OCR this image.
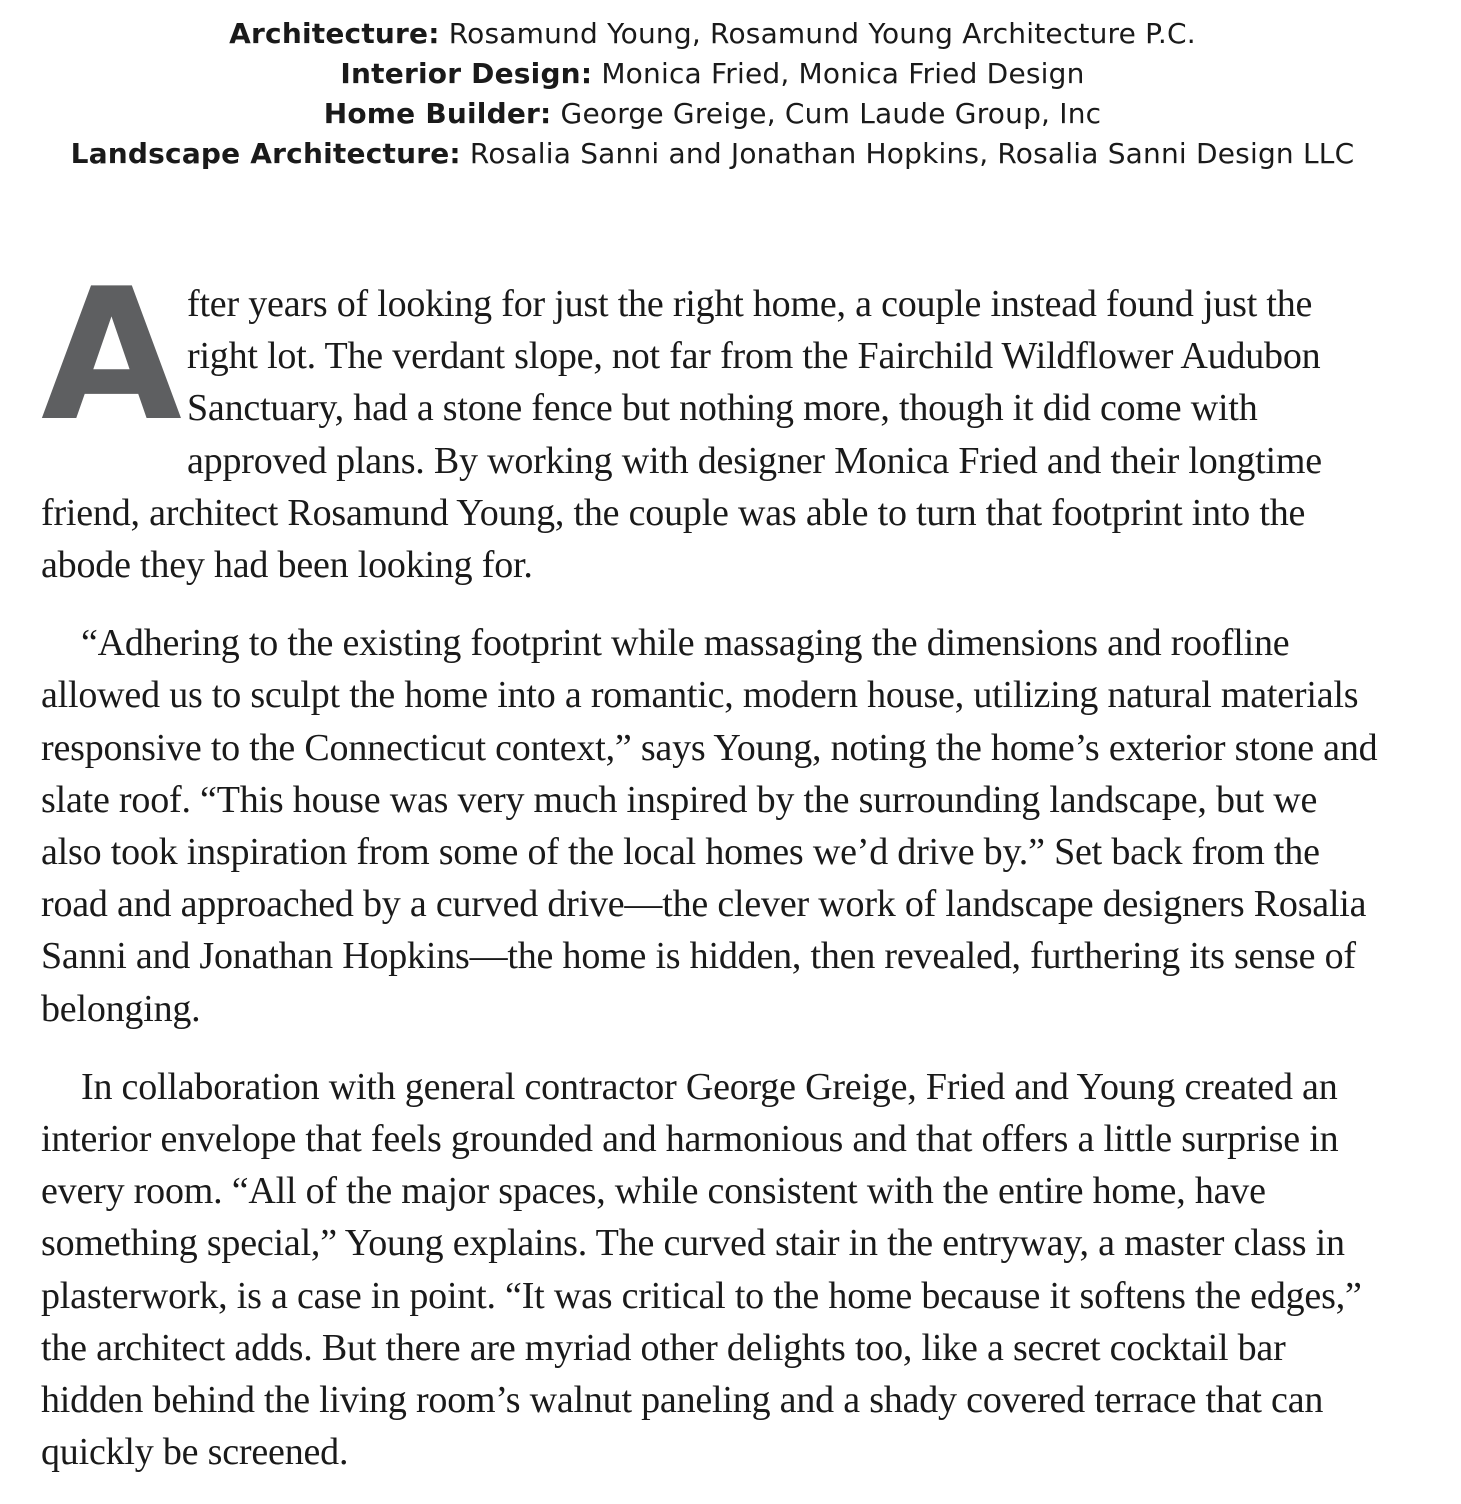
Architecture: Rosamund Young, Rosamund Young Architecture P.C.
Interior Design: Monica Fried, Monica Fried Design
Home Builder: George Greige, Cum Laude Group, Inc
Landscape Architecture: Rosalia Sanni and Jonathan Hopkins, Rosalia Sanni Design LLC

After years of looking for just the right home, a couple instead found just the right lot. The verdant slope, not far from the Fairchild Wildflower Audubon Sanctuary, had a stone fence but nothing more, though it did come with approved plans. By working with designer Monica Fried and their longtime friend, architect Rosamund Young, the couple was able to turn that footprint into the abode they had been looking for.

“Adhering to the existing footprint while massaging the dimensions and roofline allowed us to sculpt the home into a romantic, modern house, utilizing natural materials responsive to the Connecticut context,” says Young, noting the home’s exterior stone and slate roof. “This house was very much inspired by the surrounding landscape, but we also took inspiration from some of the local homes we’d drive by.” Set back from the road and approached by a curved drive—the clever work of landscape designers Rosalia Sanni and Jonathan Hopkins—the home is hidden, then revealed, furthering its sense of belonging.

In collaboration with general contractor George Greige, Fried and Young created an interior envelope that feels grounded and harmonious and that offers a little surprise in every room. “All of the major spaces, while consistent with the entire home, have something special,” Young explains. The curved stair in the entryway, a master class in plasterwork, is a case in point. “It was critical to the home because it softens the edges,” the architect adds. But there are myriad other delights too, like a secret cocktail bar hidden behind the living room’s walnut paneling and a shady covered terrace that can quickly be screened.
